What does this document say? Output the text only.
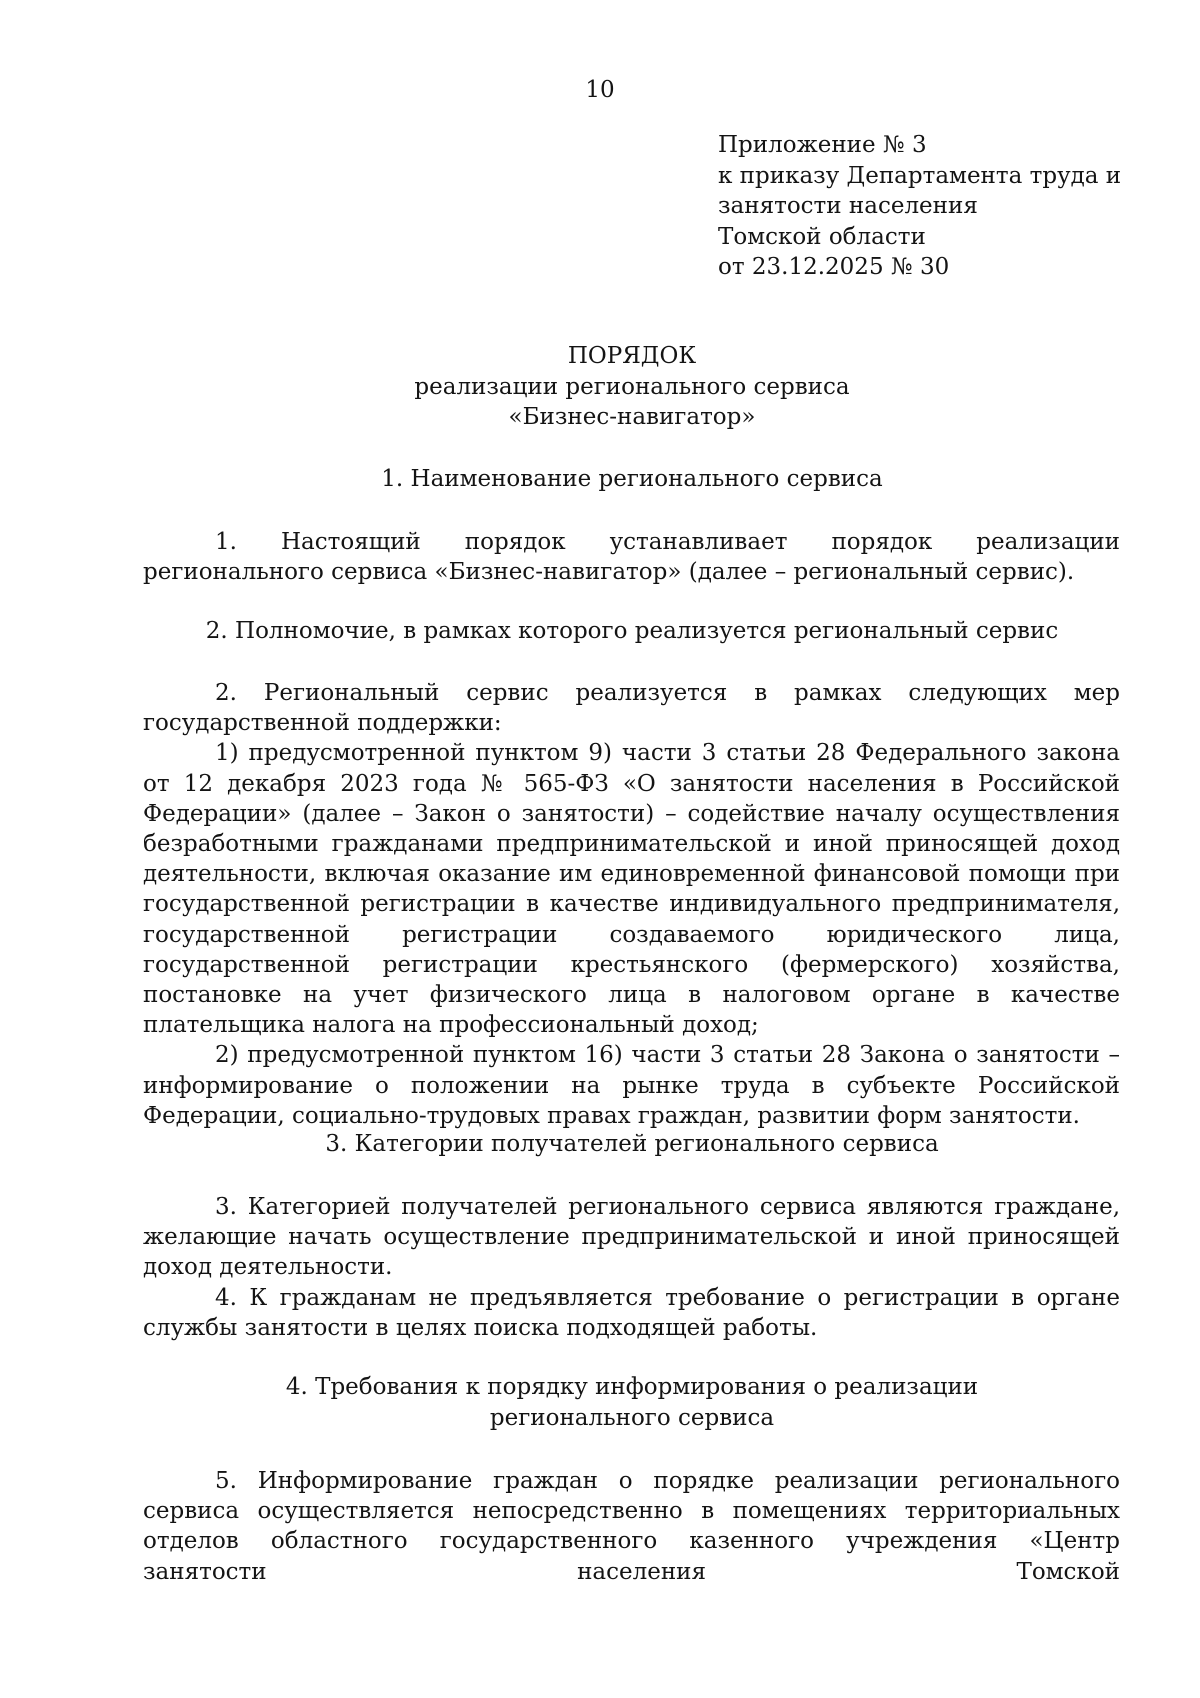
10
Приложение № 3
к приказу Департамента труда и
занятости населения
Томской области
от 23.12.2025 № 30
ПОРЯДОК
реализации регионального сервиса
«Бизнес-навигатор»
1. Наименование регионального сервиса

1. Настоящий порядок устанавливает порядок реализации регионального сервиса «Бизнес-навигатор» (далее – региональный сервис).

2. Полномочие, в рамках которого реализуется региональный сервис

2. Региональный сервис реализуется в рамках следующих мер государственной поддержки:

1) предусмотренной пунктом 9) части 3 статьи 28 Федерального закона от 12 декабря 2023 года № 565-ФЗ «О занятости населения в Российской Федерации» (далее – Закон о занятости) – содействие началу осуществления безработными гражданами предпринимательской и иной приносящей доход деятельности, включая оказание им единовременной финансовой помощи при государственной регистрации в качестве индивидуального предпринимателя, государственной регистрации создаваемого юридического лица, государственной регистрации крестьянского (фермерского) хозяйства, постановке на учет физического лица в налоговом органе в качестве плательщика налога на профессиональный доход;

2) предусмотренной пунктом 16) части 3 статьи 28 Закона о занятости – информирование о положении на рынке труда в субъекте Российской Федерации, социально-трудовых правах граждан, развитии форм занятости.

3. Категории получателей регионального сервиса

3. Категорией получателей регионального сервиса являются граждане, желающие начать осуществление предпринимательской и иной приносящей доход деятельности.

4. К гражданам не предъявляется требование о регистрации в органе службы занятости в целях поиска подходящей работы.

4. Требования к порядку информирования о реализации
регионального сервиса

5. Информирование граждан о порядке реализации регионального сервиса осуществляется непосредственно в помещениях территориальных отделов областного государственного казенного учреждения «Центр занятости населения Томской
